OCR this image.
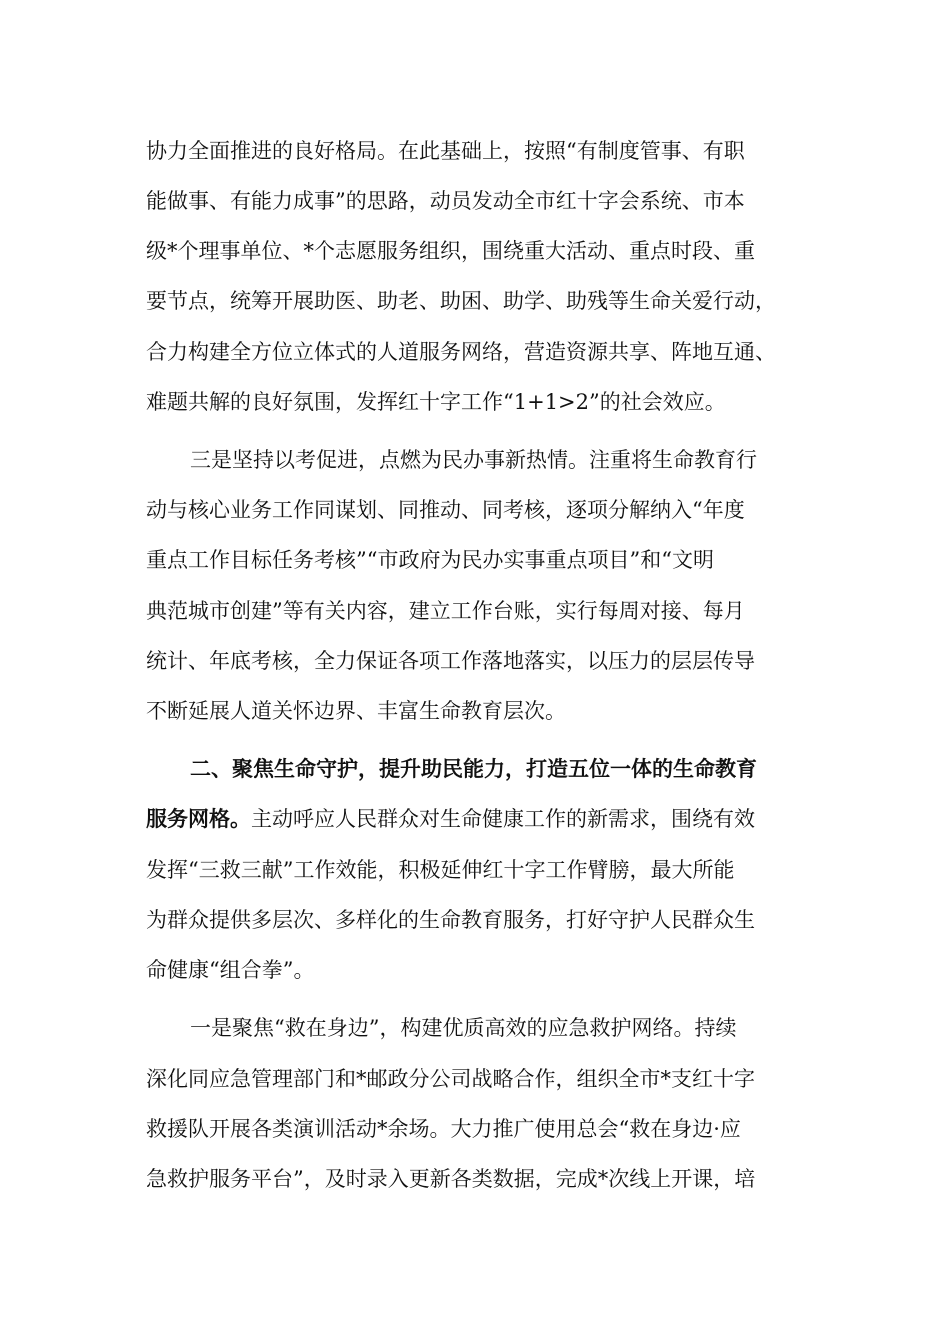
协力全面推进的良好格局。在此基础上，按照“有制度管事、有职
能做事、有能力成事”的思路，动员发动全市红十字会系统、市本
级*个理事单位、*个志愿服务组织，围绕重大活动、重点时段、重
要节点，统筹开展助医、助老、助困、助学、助残等生命关爱行动，
合力构建全方位立体式的人道服务网络，营造资源共享、阵地互通、
难题共解的良好氛围，发挥红十字工作“1+1>2”的社会效应。
三是坚持以考促进，点燃为民办事新热情。注重将生命教育行
动与核心业务工作同谋划、同推动、同考核，逐项分解纳入“年度
重点工作目标任务考核”“市政府为民办实事重点项目”和“文明
典范城市创建”等有关内容，建立工作台账，实行每周对接、每月
统计、年底考核，全力保证各项工作落地落实，以压力的层层传导
不断延展人道关怀边界、丰富生命教育层次。
二、聚焦生命守护，提升助民能力，打造五位一体的生命教育
服务网格。主动呼应人民群众对生命健康工作的新需求，围绕有效
发挥“三救三献”工作效能，积极延伸红十字工作臂膀，最大所能
为群众提供多层次、多样化的生命教育服务，打好守护人民群众生
命健康“组合拳”。
一是聚焦“救在身边”，构建优质高效的应急救护网络。持续
深化同应急管理部门和*邮政分公司战略合作，组织全市*支红十字
救援队开展各类演训活动*余场。大力推广使用总会“救在身边·应
急救护服务平台”，及时录入更新各类数据，完成*次线上开课，培
